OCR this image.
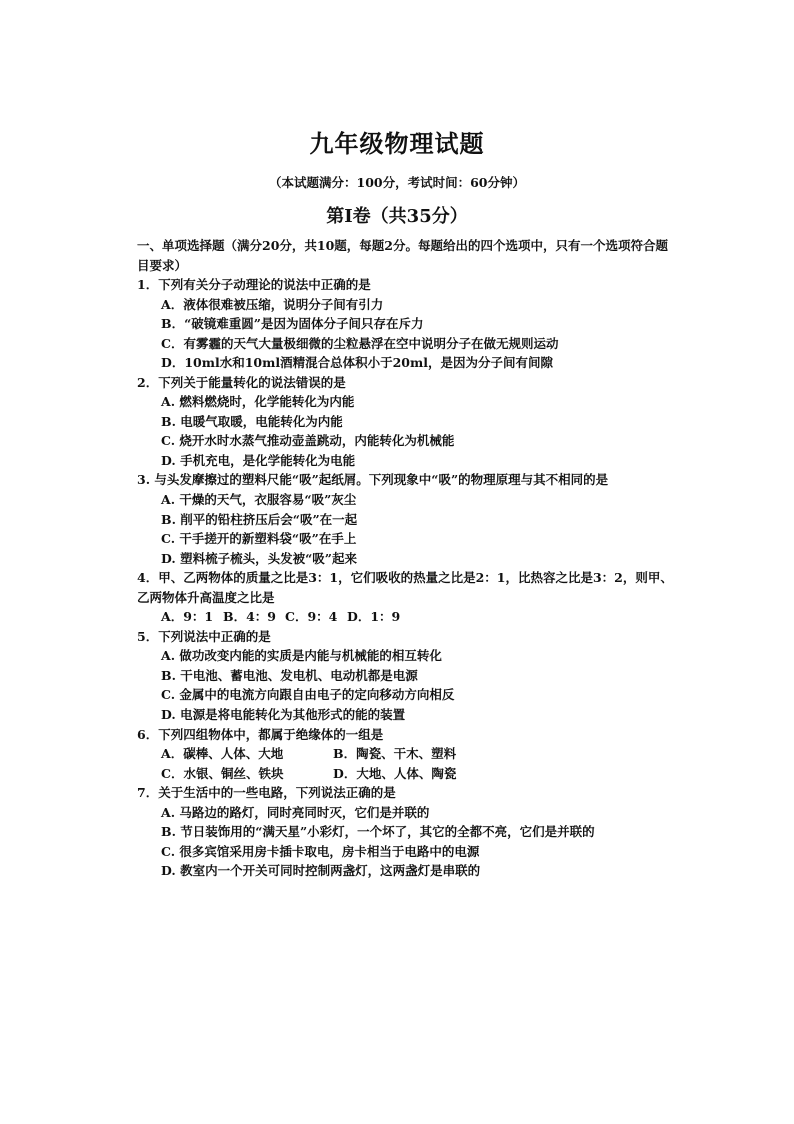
九年级物理试题

（本试题满分：100分，考试时间：60分钟）

第Ⅰ卷（共35分）

一、单项选择题（满分20分，共10题，每题2分。每题给出的四个选项中，只有一个选项符合题目要求）

1．下列有关分子动理论的说法中正确的是
A．液体很难被压缩，说明分子间有引力
B．“破镜难重圆”是因为固体分子间只存在斥力
C．有雾霾的天气大量极细微的尘粒悬浮在空中说明分子在做无规则运动
D．10ml水和10ml酒精混合总体积小于20ml，是因为分子间有间隙
2．下列关于能量转化的说法错误的是
A. 燃料燃烧时，化学能转化为内能
B. 电暖气取暖，电能转化为内能
C. 烧开水时水蒸气推动壶盖跳动，内能转化为机械能
D. 手机充电，是化学能转化为电能
3. 与头发摩擦过的塑料尺能“吸”起纸屑。下列现象中“吸”的物理原理与其不相同的是
A. 干燥的天气，衣服容易“吸”灰尘
B. 削平的铅柱挤压后会“吸”在一起
C. 干手搓开的新塑料袋“吸”在手上
D. 塑料梳子梳头，头发被“吸”起来
4．甲、乙两物体的质量之比是3：1，它们吸收的热量之比是2：1，比热容之比是3：2，则甲、乙两物体升高温度之比是
A．9：1 B．4：9 C．9：4 D．1：9
5．下列说法中正确的是
A. 做功改变内能的实质是内能与机械能的相互转化
B. 干电池、蓄电池、发电机、电动机都是电源
C. 金属中的电流方向跟自由电子的定向移动方向相反
D. 电源是将电能转化为其他形式的能的装置
6．下列四组物体中，都属于绝缘体的一组是
A．碳棒、人体、大地	B．陶瓷、干木、塑料
C．水银、铜丝、铁块	D．大地、人体、陶瓷
7．关于生活中的一些电路，下列说法正确的是
A. 马路边的路灯，同时亮同时灭，它们是并联的
B. 节日装饰用的“满天星”小彩灯，一个坏了，其它的全都不亮，它们是并联的
C. 很多宾馆采用房卡插卡取电，房卡相当于电路中的电源
D. 教室内一个开关可同时控制两盏灯，这两盏灯是串联的
